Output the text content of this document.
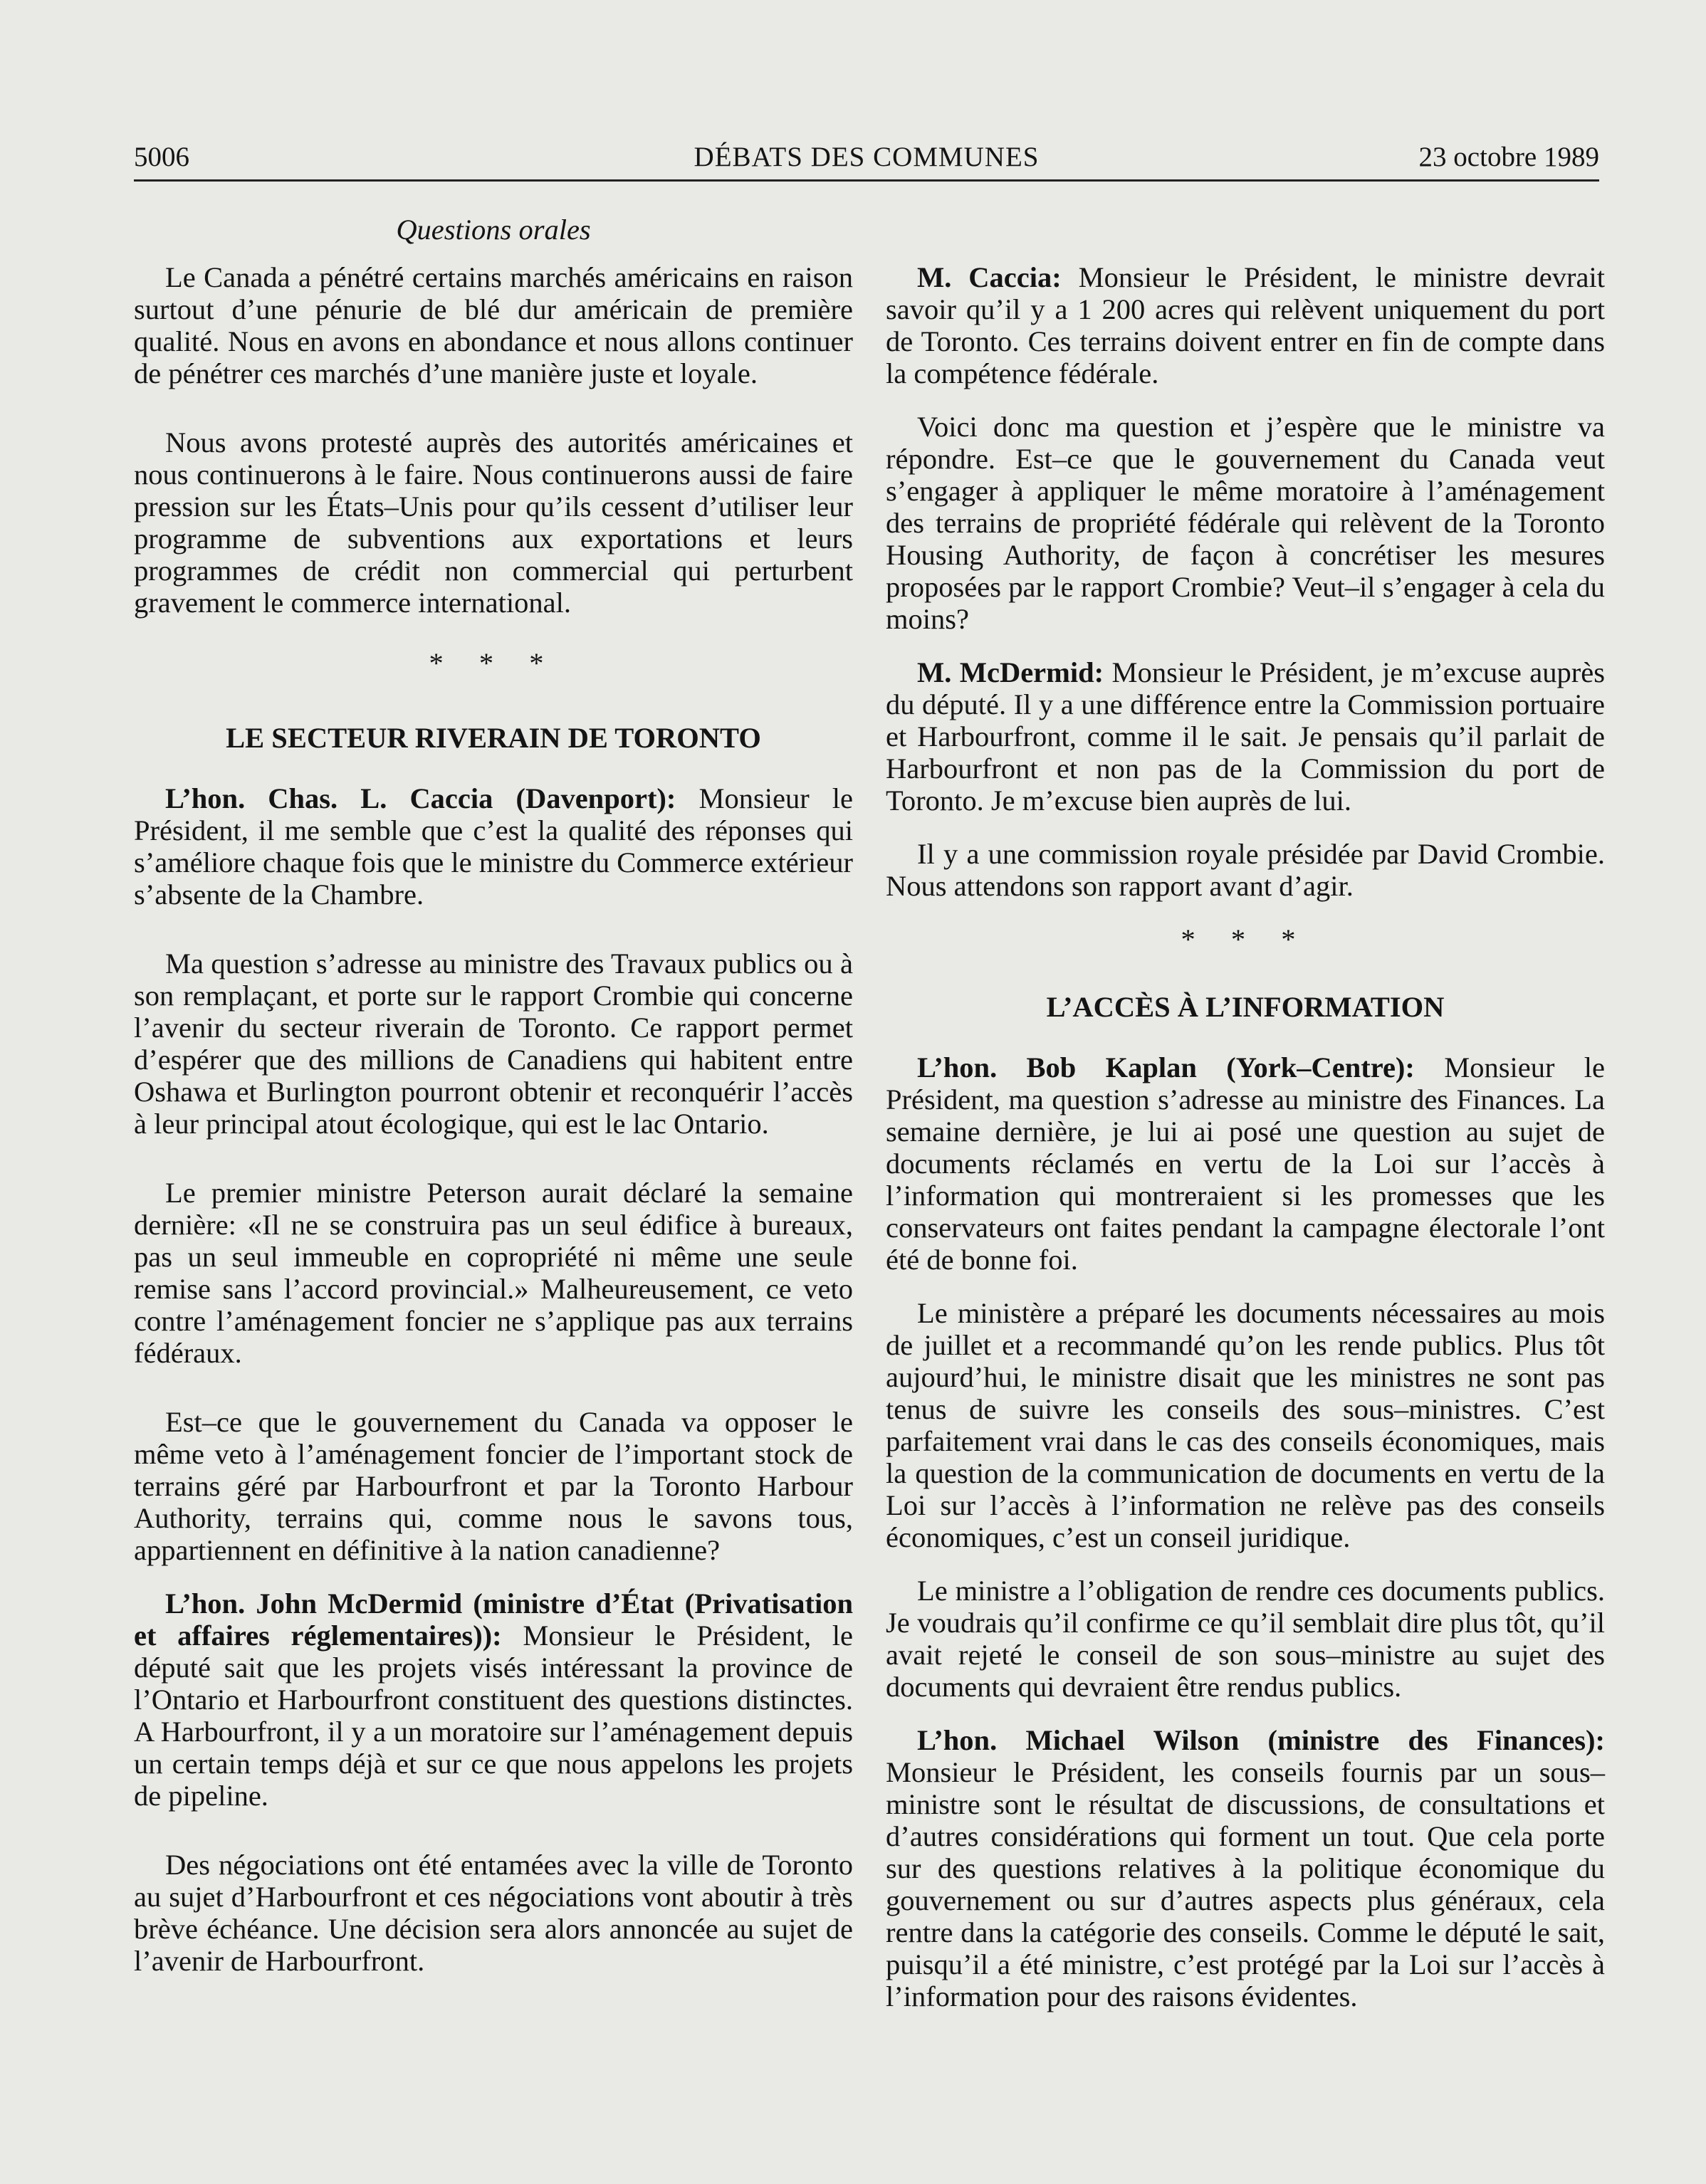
5006	DÉBATS DES COMMUNES	23 octobre 1989
Questions orales

Le Canada a pénétré certains marchés américains en raison surtout d’une pénurie de blé dur américain de première qualité. Nous en avons en abondance et nous allons continuer de pénétrer ces marchés d’une manière juste et loyale.

Nous avons protesté auprès des autorités américaines et nous continuerons à le faire. Nous continuerons aussi de faire pression sur les États–Unis pour qu’ils cessent d’utiliser leur programme de subventions aux exportations et leurs programmes de crédit non commercial qui perturbent gravement le commerce international.

* * *
LE SECTEUR RIVERAIN DE TORONTO

L’hon. Chas. L. Caccia (Davenport): Monsieur le Président, il me semble que c’est la qualité des réponses qui s’améliore chaque fois que le ministre du Commerce extérieur s’absente de la Chambre.

Ma question s’adresse au ministre des Travaux publics ou à son remplaçant, et porte sur le rapport Crombie qui concerne l’avenir du secteur riverain de Toronto. Ce rapport permet d’espérer que des millions de Canadiens qui habitent entre Oshawa et Burlington pourront obtenir et reconquérir l’accès à leur principal atout écologique, qui est le lac Ontario.

Le premier ministre Peterson aurait déclaré la semaine dernière: «Il ne se construira pas un seul édifice à bureaux, pas un seul immeuble en copropriété ni même une seule remise sans l’accord provincial.» Malheureusement, ce veto contre l’aménagement foncier ne s’applique pas aux terrains fédéraux.

Est–ce que le gouvernement du Canada va opposer le même veto à l’aménagement foncier de l’important stock de terrains géré par Harbourfront et par la Toronto Harbour Authority, terrains qui, comme nous le savons tous, appartiennent en définitive à la nation canadienne?

L’hon. John McDermid (ministre d’État (Privatisation et affaires réglementaires)): Monsieur le Président, le député sait que les projets visés intéressant la province de l’Ontario et Harbourfront constituent des questions distinctes. A Harbourfront, il y a un moratoire sur l’aménagement depuis un certain temps déjà et sur ce que nous appelons les projets de pipeline.

Des négociations ont été entamées avec la ville de Toronto au sujet d’Harbourfront et ces négociations vont aboutir à très brève échéance. Une décision sera alors annoncée au sujet de l’avenir de Harbourfront.

M. Caccia: Monsieur le Président, le ministre devrait savoir qu’il y a 1 200 acres qui relèvent uniquement du port de Toronto. Ces terrains doivent entrer en fin de compte dans la compétence fédérale.

Voici donc ma question et j’espère que le ministre va répondre. Est–ce que le gouvernement du Canada veut s’engager à appliquer le même moratoire à l’aménagement des terrains de propriété fédérale qui relèvent de la Toronto Housing Authority, de façon à concrétiser les mesures proposées par le rapport Crombie? Veut–il s’engager à cela du moins?

M. McDermid: Monsieur le Président, je m’excuse auprès du député. Il y a une différence entre la Commission portuaire et Harbourfront, comme il le sait. Je pensais qu’il parlait de Harbourfront et non pas de la Commission du port de Toronto. Je m’excuse bien auprès de lui.

Il y a une commission royale présidée par David Crombie. Nous attendons son rapport avant d’agir.

* * *
L’ACCÈS À L’INFORMATION

L’hon. Bob Kaplan (York–Centre): Monsieur le Président, ma question s’adresse au ministre des Finances. La semaine dernière, je lui ai posé une question au sujet de documents réclamés en vertu de la Loi sur l’accès à l’information qui montreraient si les promesses que les conservateurs ont faites pendant la campagne électorale l’ont été de bonne foi.

Le ministère a préparé les documents nécessaires au mois de juillet et a recommandé qu’on les rende publics. Plus tôt aujourd’hui, le ministre disait que les ministres ne sont pas tenus de suivre les conseils des sous–ministres. C’est parfaitement vrai dans le cas des conseils économiques, mais la question de la communication de documents en vertu de la Loi sur l’accès à l’information ne relève pas des conseils économiques, c’est un conseil juridique.

Le ministre a l’obligation de rendre ces documents publics. Je voudrais qu’il confirme ce qu’il semblait dire plus tôt, qu’il avait rejeté le conseil de son sous–ministre au sujet des documents qui devraient être rendus publics.

L’hon. Michael Wilson (ministre des Finances): Monsieur le Président, les conseils fournis par un sous–ministre sont le résultat de discussions, de consultations et d’autres considérations qui forment un tout. Que cela porte sur des questions relatives à la politique économique du gouvernement ou sur d’autres aspects plus généraux, cela rentre dans la catégorie des conseils. Comme le député le sait, puisqu’il a été ministre, c’est protégé par la Loi sur l’accès à l’information pour des raisons évidentes.
